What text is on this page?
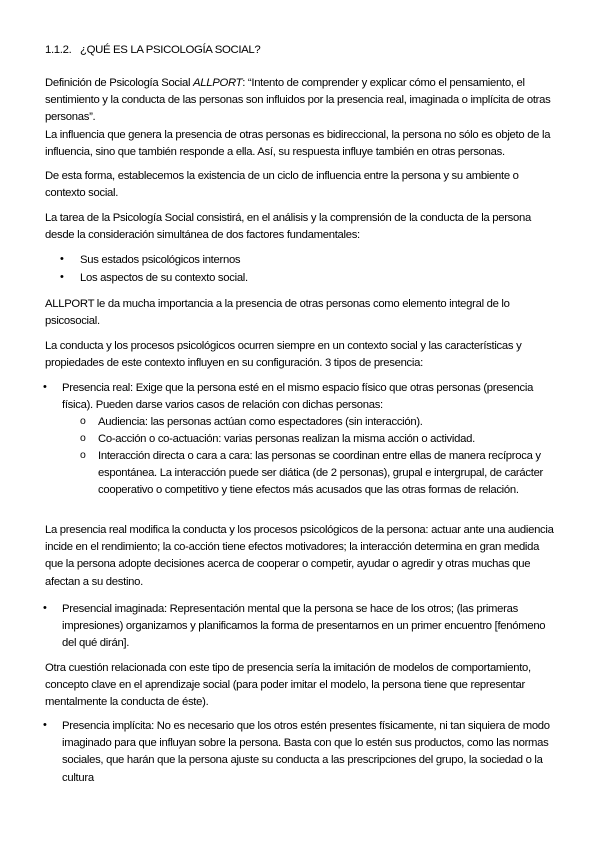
1.1.2. ¿QUÉ ES LA PSICOLOGÍA SOCIAL?

Definición de Psicología Social ALLPORT: “Intento de comprender y explicar cómo el pensamiento, el sentimiento y la conducta de las personas son influidos por la presencia real, imaginada o implícita de otras personas”.

La influencia que genera la presencia de otras personas es bidireccional, la persona no sólo es objeto de la influencia, sino que también responde a ella. Así, su respuesta influye también en otras personas.

De esta forma, establecemos la existencia de un ciclo de influencia entre la persona y su ambiente o contexto social.

La tarea de la Psicología Social consistirá, en el análisis y la comprensión de la conducta de la persona desde la consideración simultánea de dos factores fundamentales:

• Sus estados psicológicos internos

• Los aspectos de su contexto social.

ALLPORT le da mucha importancia a la presencia de otras personas como elemento integral de lo psicosocial.

La conducta y los procesos psicológicos ocurren siempre en un contexto social y las características y propiedades de este contexto influyen en su configuración. 3 tipos de presencia:

• Presencia real: Exige que la persona esté en el mismo espacio físico que otras personas (presencia física). Pueden darse varios casos de relación con dichas personas:

o Audiencia: las personas actúan como espectadores (sin interacción).

o Co-acción o co-actuación: varias personas realizan la misma acción o actividad.

o Interacción directa o cara a cara: las personas se coordinan entre ellas de manera recíproca y espontánea. La interacción puede ser diática (de 2 personas), grupal e intergrupal, de carácter cooperativo o competitivo y tiene efectos más acusados que las otras formas de relación.

La presencia real modifica la conducta y los procesos psicológicos de la persona: actuar ante una audiencia incide en el rendimiento; la co-acción tiene efectos motivadores; la interacción determina en gran medida que la persona adopte decisiones acerca de cooperar o competir, ayudar o agredir y otras muchas que afectan a su destino.

• Presencial imaginada: Representación mental que la persona se hace de los otros; (las primeras impresiones) organizamos y planificamos la forma de presentarnos en un primer encuentro [fenómeno del qué dirán].

Otra cuestión relacionada con este tipo de presencia sería la imitación de modelos de comportamiento, concepto clave en el aprendizaje social (para poder imitar el modelo, la persona tiene que representar mentalmente la conducta de éste).

• Presencia implícita: No es necesario que los otros estén presentes físicamente, ni tan siquiera de modo imaginado para que influyan sobre la persona. Basta con que lo estén sus productos, como las normas sociales, que harán que la persona ajuste su conducta a las prescripciones del grupo, la sociedad o la cultura
